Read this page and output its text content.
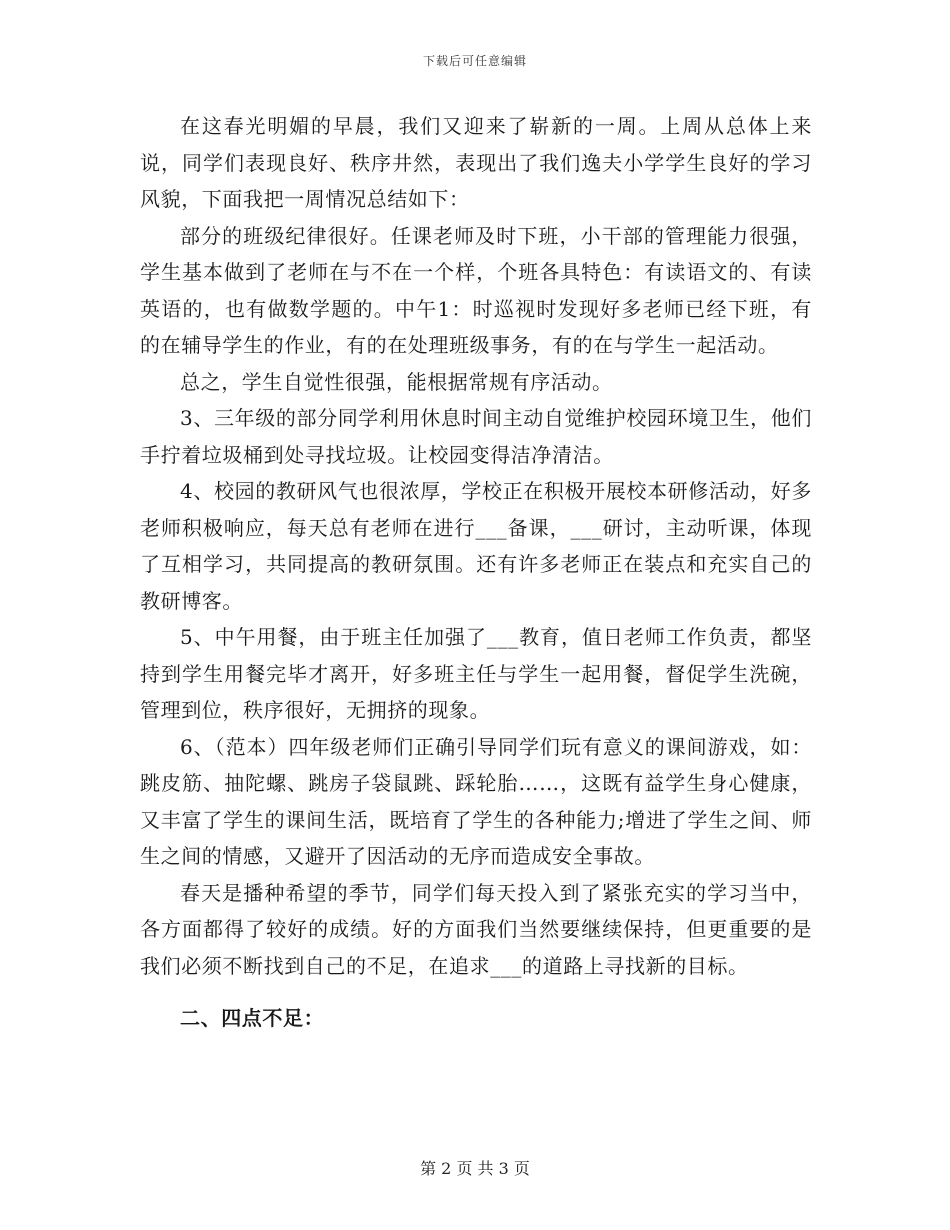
下载后可任意编辑

在这春光明媚的早晨，我们又迎来了崭新的一周。上周从总体上来说，同学们表现良好、秩序井然，表现出了我们逸夫小学学生良好的学习风貌，下面我把一周情况总结如下：

部分的班级纪律很好。任课老师及时下班，小干部的管理能力很强，学生基本做到了老师在与不在一个样，个班各具特色：有读语文的、有读英语的，也有做数学题的。中午1：时巡视时发现好多老师已经下班，有的在辅导学生的作业，有的在处理班级事务，有的在与学生一起活动。

总之，学生自觉性很强，能根据常规有序活动。

3、三年级的部分同学利用休息时间主动自觉维护校园环境卫生，他们手拧着垃圾桶到处寻找垃圾。让校园变得洁净清洁。

4、校园的教研风气也很浓厚，学校正在积极开展校本研修活动，好多老师积极响应，每天总有老师在进行___备课，___研讨，主动听课，体现了互相学习，共同提高的教研氛围。还有许多老师正在装点和充实自己的教研博客。

5、中午用餐，由于班主任加强了___教育，值日老师工作负责，都坚持到学生用餐完毕才离开，好多班主任与学生一起用餐，督促学生洗碗，管理到位，秩序很好，无拥挤的现象。

6、（范本）四年级老师们正确引导同学们玩有意义的课间游戏，如：跳皮筋、抽陀螺、跳房子袋鼠跳、踩轮胎……，这既有益学生身心健康，又丰富了学生的课间生活，既培育了学生的各种能力;增进了学生之间、师生之间的情感，又避开了因活动的无序而造成安全事故。

春天是播种希望的季节，同学们每天投入到了紧张充实的学习当中，各方面都得了较好的成绩。好的方面我们当然要继续保持，但更重要的是我们必须不断找到自己的不足，在追求___的道路上寻找新的目标。

二、四点不足：

第 2 页 共 3 页
